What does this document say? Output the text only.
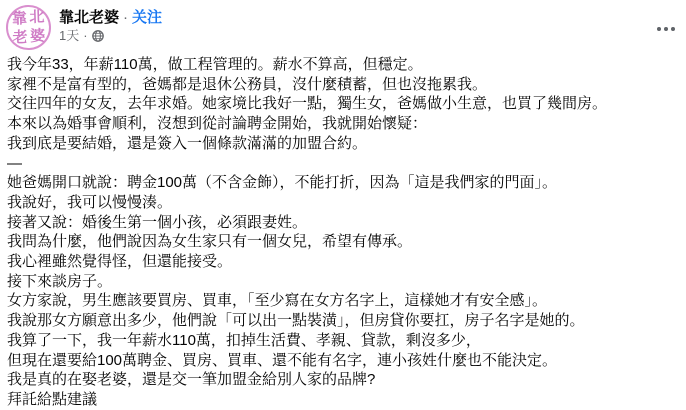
靠 北
老 婆
靠北老婆 · 关注
1天 ·
我今年33，年薪110萬，做工程管理的。薪水不算高，但穩定。
家裡不是富有型的，爸媽都是退休公務員，沒什麼積蓄，但也沒拖累我。
交往四年的女友，去年求婚。她家境比我好一點，獨生女，爸媽做小生意，也買了幾間房。
本來以為婚事會順利，沒想到從討論聘金開始，我就開始懷疑：
我到底是要結婚，還是簽入一個條款滿滿的加盟合約。
—
她爸媽開口就說：聘金100萬（不含金飾），不能打折，因為「這是我們家的門面」。
我說好，我可以慢慢湊。
接著又說：婚後生第一個小孩，必須跟妻姓。
我問為什麼，他們說因為女生家只有一個女兒，希望有傳承。
我心裡雖然覺得怪，但還能接受。
接下來談房子。
女方家說，男生應該要買房、買車，「至少寫在女方名字上，這樣她才有安全感」。
我說那女方願意出多少，他們說「可以出一點裝潢」，但房貸你要扛，房子名字是她的。
我算了一下，我一年薪水110萬，扣掉生活費、孝親、貸款，剩沒多少，
但現在還要給100萬聘金、買房、買車、還不能有名字，連小孩姓什麼也不能決定。
我是真的在娶老婆，還是交一筆加盟金給別人家的品牌?
拜託給點建議
